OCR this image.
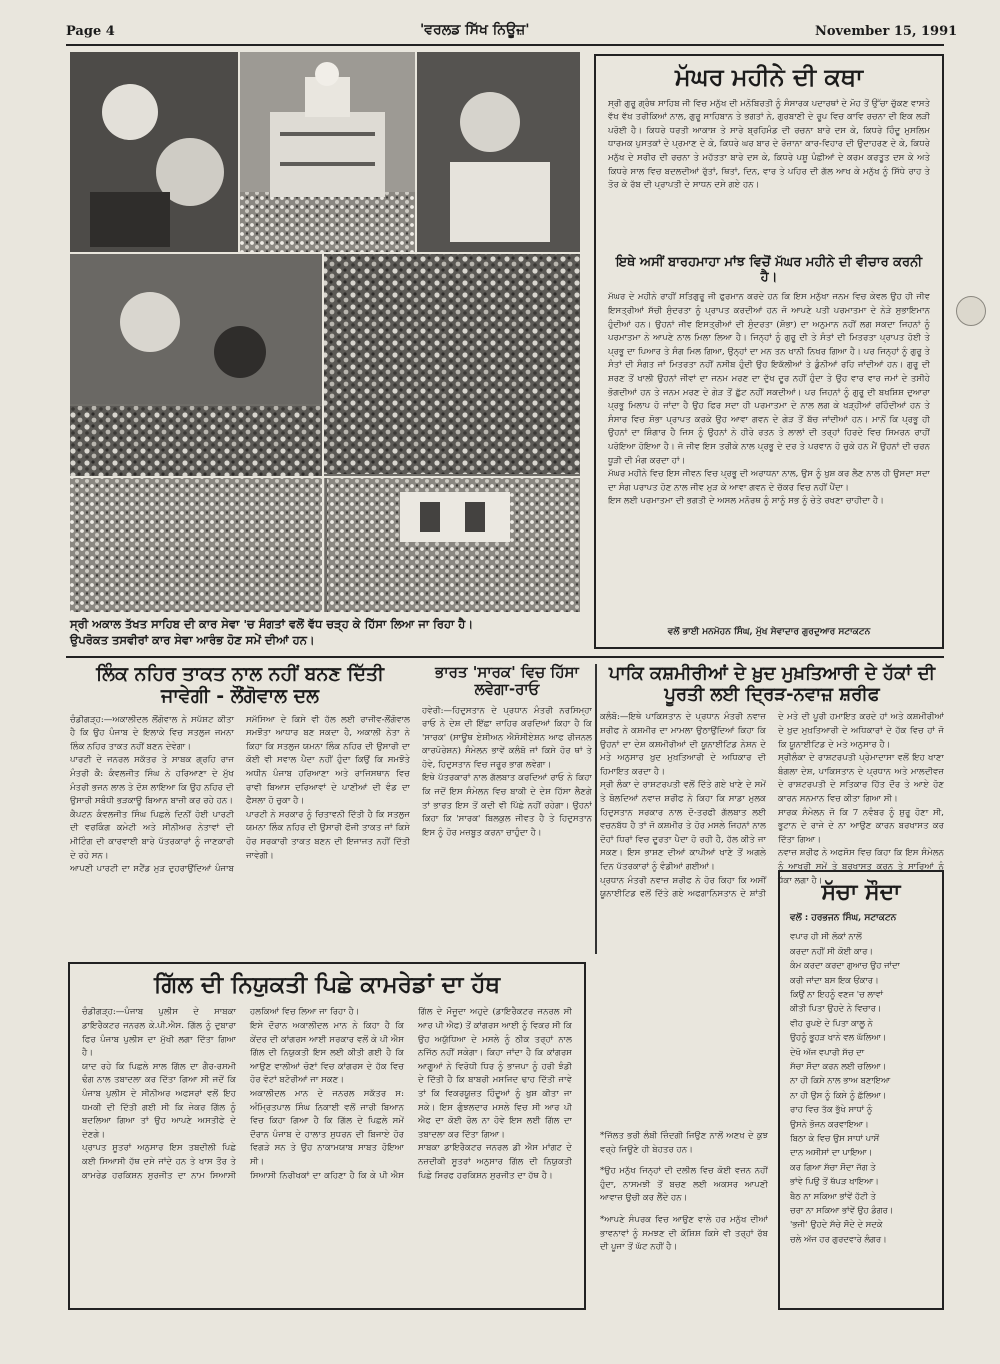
Page 4	'ਵਰਲਡ ਸਿੱਖ ਨਿਊਜ਼'	November 15, 1991
ਸ੍ਰੀ ਅਕਾਲ ਤੱਖਤ ਸਾਹਿਬ ਦੀ ਕਾਰ ਸੇਵਾ 'ਚ ਸੰਗਤਾਂ ਵਲੋਂ ਵੱਧ ਚੜ੍ਹ ਕੇ ਹਿੱਸਾ ਲਿਆ ਜਾ ਰਿਹਾ ਹੈ।
ਉਪਰੋਕਤ ਤਸਵੀਰਾਂ ਕਾਰ ਸੇਵਾ ਆਰੰਭ ਹੋਣ ਸਮੇਂ ਦੀਆਂ ਹਨ।
ਮੱਘਰ ਮਹੀਨੇ ਦੀ ਕਥਾ
ਸ੍ਰੀ ਗੁਰੂ ਗ੍ਰੰਥ ਸਾਹਿਬ ਜੀ ਵਿਚ ਮਨੁੱਖ ਦੀ ਮਨੋਬਿਰਤੀ ਨੂੰ ਸੰਸਾਰਕ ਪਦਾਰਥਾਂ ਦੇ ਮੋਹ ਤੋਂ ਉੱਚਾ ਚੁੱਕਣ ਵਾਸਤੇ ਵੱਖ ਵੱਖ ਤਰੀਕਿਆਂ ਨਾਲ, ਗੁਰੂ ਸਾਹਿਬਾਨ ਤੇ ਭਗਤਾਂ ਨੇ, ਗੁਰਬਾਣੀ ਦੇ ਰੂਪ ਵਿਚ ਕਾਵਿ ਰਚਨਾ ਦੀ ਇਕ ਲੜੀ ਪਰੋਈ ਹੈ। ਕਿਧਰੇ ਧਰਤੀ ਆਕਾਸ਼ ਤੇ ਸਾਰੇ ਬ੍ਰਹਿਮੰਡ ਦੀ ਰਚਨਾ ਬਾਰੇ ਦਸ ਕੇ, ਕਿਧਰੇ ਹਿੰਦੂ ਮੁਸਲਿਮ ਧਾਰਮਕ ਪੁਸਤਕਾਂ ਦੇ ਪ੍ਰਮਾਣ ਦੇ ਕੇ, ਕਿਧਰੇ ਘਰ ਬਾਰ ਦੇ ਰੋਜ਼ਾਨਾ ਕਾਰ-ਵਿਹਾਰ ਦੀ ਉਦਾਹਰਣ ਦੇ ਕੇ, ਕਿਧਰੇ ਮਨੁੱਖ ਦੇ ਸਰੀਰ ਦੀ ਰਚਨਾ ਤੇ ਮਹੱਤਤਾ ਬਾਰੇ ਦਸ ਕੇ, ਕਿਧਰੇ ਪਸ਼ੂ ਪੰਛੀਆਂ ਦੇ ਕਰਮ ਕਰਤੂਤ ਦਸ ਕੇ ਅਤੇ ਕਿਧਰੇ ਸਾਲ ਵਿਚ ਬਦਲਦੀਆਂ ਰੁੱਤਾਂ, ਥਿਤਾਂ, ਦਿਨ, ਵਾਰ ਤੇ ਪਹਿਰ ਦੀ ਗੱਲ ਆਖ ਕੇ ਮਨੁੱਖ ਨੂੰ ਸਿੱਧੇ ਰਾਹ ਤੇ ਤੋਰ ਕੇ ਰੱਬ ਦੀ ਪ੍ਰਾਪਤੀ ਦੇ ਸਾਧਨ ਦਸੇ ਗਏ ਹਨ।
ਇਥੇ ਅਸੀਂ ਬਾਰਹਮਾਹਾ ਮਾਂਝ ਵਿਚੋਂ ਮੱਘਰ ਮਹੀਨੇ ਦੀ ਵੀਚਾਰ ਕਰਨੀ ਹੈ।
ਮੱਘਰ ਦੇ ਮਹੀਨੇ ਰਾਹੀਂ ਸਤਿਗੁਰੂ ਜੀ ਫੁਰਮਾਨ ਕਰਦੇ ਹਨ ਕਿ ਇਸ ਮਨੁੱਖਾ ਜਨਮ ਵਿਚ ਕੇਵਲ ਉਹ ਹੀ ਜੀਵ ਇਸਤ੍ਰੀਆਂ ਸੱਚੀ ਸੁੰਦਰਤਾ ਨੂੰ ਪ੍ਰਾਪਤ ਕਰਦੀਆਂ ਹਨ ਜੋ ਆਪਣੇ ਪਤੀ ਪਰਮਾਤਮਾ ਦੇ ਨੇੜੇ ਸੁਭਾਇਮਾਨ ਹੁੰਦੀਆਂ ਹਨ। ਉਹਨਾਂ ਜੀਵ ਇਸਤ੍ਰੀਆਂ ਦੀ ਸੁੰਦਰਤਾ (ਸ਼ੋਭਾ) ਦਾ ਅਨੁਮਾਨ ਨਹੀਂ ਲਗ ਸਕਦਾ ਜਿਹਨਾਂ ਨੂੰ ਪਰਮਾਤਮਾ ਨੇ ਆਪਣੇ ਨਾਲ ਮਿਲਾ ਲਿਆ ਹੈ। ਜਿਨ੍ਹਾਂ ਨੂੰ ਗੁਰੂ ਦੀ ਤੇ ਸੰਤਾਂ ਦੀ ਮਿਤਰਤਾ ਪ੍ਰਾਪਤ ਹੋਈ ਤੇ ਪ੍ਰਭੂ ਦਾ ਪਿਆਰ ਤੇ ਸੰਗ ਮਿਲ ਗਿਆ, ਉਨ੍ਹਾਂ ਦਾ ਮਨ ਤਨ ਖਾਨੀ ਨਿਖਰ ਗਿਆ ਹੈ। ਪਰ ਜਿਨ੍ਹਾਂ ਨੂੰ ਗੁਰੂ ਤੇ ਸੰਤਾਂ ਦੀ ਸੰਗਤ ਜਾਂ ਮਿਤਰਤਾ ਨਹੀਂ ਨਸੀਬ ਹੁੰਦੀ ਉਹ ਇਕੱਲੀਆਂ ਤੇ ਡੁੰਨੀਆਂ ਰਹਿ ਜਾਂਦੀਆਂ ਹਨ। ਗੁਰੂ ਦੀ ਸ਼ਰਣ ਤੋਂ ਖਾਲੀ ਉਹਨਾਂ ਜੀਵਾਂ ਦਾ ਜਨਮ ਮਰਣ ਦਾ ਦੁੱਖ ਦੂਰ ਨਹੀਂ ਹੁੰਦਾ ਤੇ ਉਹ ਵਾਰ ਵਾਰ ਜਮਾਂ ਦੇ ਤਸੀਹੇ ਭੋਗਦੀਆਂ ਹਨ ਤੇ ਜਨਮ ਮਰਣ ਦੇ ਗੇੜ ਤੋਂ ਛੁੱਟ ਨਹੀਂ ਸਕਦੀਆਂ। ਪਰ ਜਿਹਨਾਂ ਨੂੰ ਗੁਰੂ ਦੀ ਬਖਸ਼ਿਸ਼ ਦੁਆਰਾ ਪ੍ਰਭੂ ਮਿਲਾਪ ਹੋ ਜਾਂਦਾ ਹੈ ਉਹ ਫਿਰ ਸਦਾ ਹੀ ਪਰਮਾਤਮਾ ਦੇ ਨਾਲ ਲਗ ਕੇ ਖੜ੍ਹੀਆਂ ਰਹਿੰਦੀਆਂ ਹਨ ਤੇ ਸੰਸਾਰ ਵਿਚ ਸ਼ੋਭਾ ਪ੍ਰਾਪਤ ਕਰਕੇ ਉਹ ਆਵਾ ਗਵਨ ਦੇ ਗੇੜ ਤੋਂ ਬੱਚ ਜਾਂਦੀਆਂ ਹਨ। ਮਾਨੋਂ ਕਿ ਪ੍ਰਭੂ ਹੀ ਉਹਨਾਂ ਦਾ ਸ਼ਿੰਗਾਰ ਹੈ ਜਿਸ ਨੂੰ ਉਹਨਾਂ ਨੇ ਹੀਰੇ ਰਤਨ ਤੇ ਲਾਲਾਂ ਦੀ ਤਰ੍ਹਾਂ ਹਿਰਦੇ ਵਿਚ ਸਿਮਰਨ ਰਾਹੀਂ ਪਰੋਇਆ ਹੋਇਆ ਹੈ। ਜੋ ਜੀਵ ਇਸ ਤਰੀਕੇ ਨਾਲ ਪ੍ਰਭੂ ਦੇ ਦਰ ਤੇ ਪਰਵਾਨ ਹੋ ਚੁਕੇ ਹਨ ਮੈਂ ਉਹਨਾਂ ਦੀ ਚਰਨ ਧੂੜੀ ਦੀ ਮੰਗ ਕਰਦਾ ਹਾਂ।
ਮੱਘਰ ਮਹੀਨੇ ਵਿਚ ਇਸ ਜੀਵਨ ਵਿਚ ਪ੍ਰਭੂ ਦੀ ਅਰਾਧਨਾ ਨਾਲ, ਉਸ ਨੂੰ ਖੁਸ਼ ਕਰ ਲੈਣ ਨਾਲ ਹੀ ਉਸਦਾ ਸਦਾ ਦਾ ਸੰਗ ਪਰਾਪਤ ਹੋਣ ਨਾਲ ਜੀਵ ਮੁੜ ਕੇ ਆਵਾ ਗਵਨ ਦੇ ਚੱਕਰ ਵਿਚ ਨਹੀਂ ਪੈਂਦਾ।
ਇਸ ਲਈ ਪਰਮਾਤਮਾ ਦੀ ਭਗਤੀ ਦੇ ਅਸਲ ਮਨੋਰਥ ਨੂੰ ਸਾਨੂੰ ਸਭ ਨੂੰ ਚੇਤੇ ਰਖਣਾ ਚਾਹੀਦਾ ਹੈ।
ਵਲੋਂ ਭਾਈ ਮਨਮੋਹਨ ਸਿੰਘ, ਮੁੱਖ ਸੇਵਾਦਾਰ ਗੁਰਦੁਆਰ ਸਟਾਕਟਨ
ਲਿੰਕ ਨਹਿਰ ਤਾਕਤ ਨਾਲ ਨਹੀਂ ਬਨਣ ਦਿੱਤੀ ਜਾਵੇਗੀ - ਲੌਂਗੋਵਾਲ ਦਲ
ਚੰਡੀਗੜ੍ਹ:—ਅਕਾਲੀਦਲ ਲੌਂਗੋਵਾਲ ਨੇ ਸਪੱਸ਼ਟ ਕੀਤਾ ਹੈ ਕਿ ਉਹ ਪੰਜਾਬ ਦੇ ਇਲਾਕੇ ਵਿਚ ਸਤਲੁਜ ਜਮਨਾ ਲਿੰਕ ਨਹਿਰ ਤਾਕਤ ਨਹੀਂ ਬਣਨ ਦੇਵੇਗਾ।
ਪਾਰਟੀ ਦੇ ਜਨਰਲ ਸਕੱਤਰ ਤੇ ਸਾਬਕ ਗ੍ਰਹਿ ਰਾਜ ਮੰਤਰੀ ਕੈ: ਕੰਵਲਜੀਤ ਸਿੰਘ ਨੇ ਹਰਿਆਣਾ ਦੇ ਮੁੱਖ ਮੰਤਰੀ ਭਜਨ ਲਾਲ ਤੇ ਦੋਸ਼ ਲਾਇਆ ਕਿ ਉਹ ਨਹਿਰ ਦੀ ਉਸਾਰੀ ਸਬੰਧੀ ਭੜਕਾਊ ਬਿਆਨ ਬਾਜ਼ੀ ਕਰ ਰਹੇ ਹਨ।
ਕੈਪਟਨ ਕੰਵਲਜੀਤ ਸਿੰਘ ਪਿਛਲੇ ਦਿਨੀਂ ਹੋਈ ਪਾਰਟੀ ਦੀ ਵਰਕਿੰਗ ਕਮੇਟੀ ਅਤੇ ਸੀਨੀਅਰ ਨੇਤਾਵਾਂ ਦੀ ਮੀਟਿੰਗ ਦੀ ਕਾਰਵਾਈ ਬਾਰੇ ਪੱਤਰਕਾਰਾਂ ਨੂੰ ਜਾਣਕਾਰੀ ਦੇ ਰਹੇ ਸਨ।
ਆਪਣੀ ਪਾਰਟੀ ਦਾ ਸਟੈਂਡ ਮੁੜ ਦੁਹਰਾਉਂਦਿਆਂ ਪੰਜਾਬ ਸਮੱਸਿਆ ਦੇ ਕਿਸੇ ਵੀ ਹੱਲ ਲਈ ਰਾਜੀਵ-ਲੌਂਗੋਵਾਲ ਸਮਝੌਤਾ ਆਧਾਰ ਬਣ ਸਕਦਾ ਹੈ, ਅਕਾਲੀ ਨੇਤਾ ਨੇ ਕਿਹਾ ਕਿ ਸਤਲੁਜ ਯਮਨਾ ਲਿੰਕ ਨਹਿਰ ਦੀ ਉਸਾਰੀ ਦਾ ਕੋਈ ਵੀ ਸਵਾਲ ਪੈਦਾ ਨਹੀਂ ਹੁੰਦਾ ਕਿਉਂ ਕਿ ਸਮਝੌਤੇ ਅਧੀਨ ਪੰਜਾਬ ਹਰਿਆਣਾ ਅਤੇ ਰਾਜਿਸਥਾਨ ਵਿਚ ਰਾਵੀ ਬਿਆਸ ਦਰਿਆਵਾਂ ਦੇ ਪਾਣੀਆਂ ਦੀ ਵੰਡ ਦਾ ਫੈਸਲਾ ਹੋ ਚੁਕਾ ਹੈ।
ਪਾਰਟੀ ਨੇ ਸਰਕਾਰ ਨੂੰ ਚਿਤਾਵਨੀ ਦਿੱਤੀ ਹੈ ਕਿ ਸਤਲੁਜ ਯਮਨਾ ਲਿੰਕ ਨਹਿਰ ਦੀ ਉਸਾਰੀ ਫੌਜੀ ਤਾਕਤ ਜਾਂ ਕਿਸੇ ਹੋਰ ਸਰਕਾਰੀ ਤਾਕਤ ਬਣਨ ਦੀ ਇਜਾਜਤ ਨਹੀਂ ਦਿੱਤੀ ਜਾਵੇਗੀ।
ਭਾਰਤ 'ਸਾਰਕ' ਵਿਚ ਹਿੱਸਾ ਲਵੇਗਾ-ਰਾਓ
ਹਵੇਰੀ:—ਹਿਦੁਸਤਾਨ ਦੇ ਪ੍ਰਧਾਨ ਮੰਤਰੀ ਨਰਸਿਮ੍ਹਾ ਰਾਓ ਨੇ ਦੇਸ਼ ਦੀ ਇੱਛਾ ਜ਼ਾਹਿਰ ਕਰਦਿਆਂ ਕਿਹਾ ਹੈ ਕਿ 'ਸਾਰਕ' (ਸਾਊਥ ਏਸ਼ੀਅਨ ਐਸੋਸੀਏਸ਼ਨ ਆਫ ਰੀਜਨਲ ਕਾਰਪੋਰੇਸ਼ਨ) ਸੰਮੇਲਨ ਭਾਵੇਂ ਕਲੰਬੋ ਜਾਂ ਕਿਸੇ ਹੋਰ ਥਾਂ ਤੇ ਹੋਵੇ, ਹਿਦੁਸਤਾਨ ਵਿਚ ਜਰੂਰ ਭਾਗ ਲਵੇਗਾ।
ਇਥੇ ਪੱਤਰਕਾਰਾਂ ਨਾਲ ਗੱਲਬਾਤ ਕਰਦਿਆਂ ਰਾਓ ਨੇ ਕਿਹਾ ਕਿ ਜਦੋਂ ਇਸ ਸੰਮੇਲਨ ਵਿਚ ਬਾਕੀ ਦੇ ਦੇਸ਼ ਹਿੱਸਾ ਲੈਣਗੇ ਤਾਂ ਭਾਰਤ ਇਸ ਤੋਂ ਕਦੀ ਵੀ ਪਿੱਛੇ ਨਹੀਂ ਰਹੇਗਾ। ਉਹਨਾਂ ਕਿਹਾ ਕਿ 'ਸਾਰਕ' ਬਿਲਕੁਲ ਜੀਵਤ ਹੈ ਤੇ ਹਿਦੁਸਤਾਨ ਇਸ ਨੂੰ ਹੋਰ ਮਜ਼ਬੂਤ ਕਰਨਾ ਚਾਹੁੰਦਾ ਹੈ।
ਪਾਕਿ ਕਸ਼ਮੀਰੀਆਂ ਦੇ ਖ਼ੁਦ ਮੁਖ਼ਤਿਆਰੀ ਦੇ ਹੱਕਾਂ ਦੀ ਪੂਰਤੀ ਲਈ ਦ੍ਰਿੜ-ਨਵਾਜ਼ ਸ਼ਰੀਫ
ਕਲੰਬੋ:—ਇਥੇ ਪਾਕਿਸਤਾਨ ਦੇ ਪ੍ਰਧਾਨ ਮੰਤਰੀ ਨਵਾਜ਼ ਸ਼ਰੀਫ ਨੇ ਕਸ਼ਮੀਰ ਦਾ ਮਾਮਲਾ ਉਠਾਉਂਦਿਆਂ ਕਿਹਾ ਕਿ ਉਹਨਾਂ ਦਾ ਦੇਸ਼ ਕਸ਼ਮੀਰੀਆਂ ਦੀ ਯੂਨਾਈਟਿਡ ਨੇਸ਼ਨ ਦੇ ਮਤੇ ਅਨੁਸਾਰ ਖ਼ੁਦ ਮੁਖ਼ਤਿਆਰੀ ਦੇ ਅਧਿਕਾਰ ਦੀ ਹਿਮਾਇਤ ਕਰਦਾ ਹੈ।
ਸ੍ਰੀ ਲੰਕਾ ਦੇ ਰਾਸ਼ਟਰਪਤੀ ਵਲੋਂ ਦਿੱਤੇ ਗਏ ਖਾਣੇ ਦੇ ਸਮੇਂ ਤੇ ਬੋਲਦਿਆਂ ਨਵਾਜ਼ ਸ਼ਰੀਫ ਨੇ ਕਿਹਾ ਕਿ ਸਾਡਾ ਮੁਲਕ ਹਿਦੁਸਤਾਨ ਸਰਕਾਰ ਨਾਲ ਦੋ-ਤਰਫੀ ਗੱਲਬਾਤ ਲਈ ਵਚਨਬੱਧ ਹੈ ਤਾਂ ਜੋ ਕਸ਼ਮੀਰ ਤੇ ਹੋਰ ਮਸਲੇ ਜਿਹਨਾਂ ਨਾਲ ਦੋਹਾਂ ਧਿਰਾਂ ਵਿਚ ਦੂਰਤਾ ਪੈਦਾ ਹੋ ਰਹੀ ਹੈ, ਹੱਲ ਕੀਤੇ ਜਾ ਸਕਣ। ਇਸ ਭਾਸ਼ਣ ਦੀਆਂ ਕਾਪੀਆਂ ਖਾਣੇ ਤੋਂ ਅਗਲੇ ਦਿਨ ਪੱਤਰਕਾਰਾਂ ਨੂੰ ਵੰਡੀਆਂ ਗਈਆਂ।
ਪ੍ਰਧਾਨ ਮੰਤਰੀ ਨਵਾਜ਼ ਸ਼ਰੀਫ ਨੇ ਹੋਰ ਕਿਹਾ ਕਿ ਅਸੀਂ ਯੂਨਾਈਟਿਡ ਵਲੋਂ ਦਿੱਤੇ ਗਏ ਅਫਗਾਨਿਸਤਾਨ ਦੇ ਸ਼ਾਂਤੀ ਦੇ ਮਤੇ ਦੀ ਪੂਰੀ ਹਮਾਇਤ ਕਰਦੇ ਹਾਂ ਅਤੇ ਕਸ਼ਮੀਰੀਆਂ ਦੇ ਖ਼ੁਦ ਮੁਖ਼ਤਿਆਰੀ ਦੇ ਅਧਿਕਾਰਾਂ ਦੇ ਹੱਕ ਵਿਚ ਹਾਂ ਜੋ ਕਿ ਯੂਨਾਈਟਿਡ ਦੇ ਮਤੇ ਅਨੁਸਾਰ ਹੈ।
ਸ੍ਰੀਲੰਕਾ ਦੇ ਰਾਸ਼ਟਰਪਤੀ ਪ੍ਰੇਮਾਦਾਸਾ ਵਲੋਂ ਇਹ ਖਾਣਾ ਬੰਗਲਾ ਦੇਸ਼, ਪਾਕਿਸਤਾਨ ਦੇ ਪ੍ਰਧਾਨ ਅਤੇ ਮਾਲਦੀਵਜ਼ ਦੇ ਰਾਸ਼ਟਰਪਤੀ ਦੇ ਸਤਿਕਾਰ ਹਿੱਤ ਦੌਰ ਤੇ ਆਏ ਹੋਣ ਕਾਰਨ ਸਨਮਾਨ ਵਿਚ ਕੀਤਾ ਗਿਆ ਸੀ।
ਸਾਰਕ ਸੰਮੇਲਨ ਜੋ ਕਿ 7 ਨਵੰਬਰ ਨੂੰ ਸ਼ੁਰੂ ਹੋਣਾ ਸੀ, ਭੂਟਾਨ ਦੇ ਰਾਜੇ ਦੇ ਨਾ ਆਉਣ ਕਾਰਨ ਬਰਖਾਸਤ ਕਰ ਦਿੱਤਾ ਗਿਆ।
ਨਵਾਜ਼ ਸ਼ਰੀਫ ਨੇ ਅਫਸੋਸ ਵਿਚ ਕਿਹਾ ਕਿ ਇਸ ਸੰਮੇਲਨ ਨੂੰ ਆਖਰੀ ਸਮੇਂ ਤੇ ਬਰਖਾਸਤ ਕਰਨ ਤੇ ਸਾਰਿਆਂ ਨੂੰ ਧੱਕਾ ਲਗਾ ਹੈ।
ਗਿੱਲ ਦੀ ਨਿਯੁਕਤੀ ਪਿਛੇ ਕਾਮਰੇਡਾਂ ਦਾ ਹੱਥ
ਚੰਡੀਗੜ੍ਹ:—ਪੰਜਾਬ ਪੁਲੀਸ ਦੇ ਸਾਬਕਾ ਡਾਇਰੈਕਟਰ ਜਨਰਲ ਕੇ.ਪੀ.ਐਸ. ਗਿੱਲ ਨੂੰ ਦੁਬਾਰਾ ਫਿਰ ਪੰਜਾਬ ਪੁਲੀਸ ਦਾ ਮੁੱਖੀ ਲਗਾ ਦਿੱਤਾ ਗਿਆ ਹੈ।
ਯਾਦ ਰਹੇ ਕਿ ਪਿਛਲੇ ਸਾਲ ਗਿੱਲ ਦਾ ਗੈਰ-ਰਸਮੀ ਢੰਗ ਨਾਲ ਤਬਾਦਲਾ ਕਰ ਦਿੱਤਾ ਗਿਆ ਸੀ ਜਦੋਂ ਕਿ ਪੰਜਾਬ ਪੁਲੀਸ ਦੇ ਸੀਨੀਅਰ ਅਫਸਰਾਂ ਵਲੋਂ ਇਹ ਧਮਕੀ ਦੀ ਦਿੱਤੀ ਗਈ ਸੀ ਕਿ ਜੇਕਰ ਗਿੱਲ ਨੂੰ ਬਦਲਿਆ ਗਿਆ ਤਾਂ ਉਹ ਆਪਣੇ ਅਸਤੀਫੇ ਦੇ ਦੇਣਗੇ।
ਪ੍ਰਾਪਤ ਸੂਤਰਾਂ ਅਨੁਸਾਰ ਇਸ ਤਬਦੀਲੀ ਪਿਛੇ ਕਈ ਸਿਆਸੀ ਹੱਥ ਦਸੇ ਜਾਂਦੇ ਹਨ ਤੇ ਖਾਸ ਤੌਰ ਤੇ ਕਾਮਰੇਡ ਹਰਕਿਸ਼ਨ ਸੁਰਜੀਤ ਦਾ ਨਾਮ ਸਿਆਸੀ ਹਲਕਿਆਂ ਵਿਚ ਲਿਆ ਜਾ ਰਿਹਾ ਹੈ।
ਇਸੇ ਦੌਰਾਨ ਅਕਾਲੀਦਲ ਮਾਨ ਨੇ ਕਿਹਾ ਹੈ ਕਿ ਕੇਂਦਰ ਦੀ ਕਾਂਗਰਸ ਆਈ ਸਰਕਾਰ ਵਲੋਂ ਕੇ ਪੀ ਐਸ ਗਿੱਲ ਦੀ ਨਿਯੁਕਤੀ ਇਸ ਲਈ ਕੀਤੀ ਗਈ ਹੈ ਕਿ ਆਉਣ ਵਾਲੀਆਂ ਚੋਣਾਂ ਵਿਚ ਕਾਂਗਰਸ ਦੇ ਹੱਕ ਵਿਚ ਹੋਰ ਵੋਟਾਂ ਬਟੋਰੀਆਂ ਜਾ ਸਕਣ।
ਅਕਾਲੀਦਲ ਮਾਨ ਦੇ ਜਨਰਲ ਸਕੱਤਰ ਸ: ਅੰਮ੍ਰਿਤਪਾਲ ਸਿੰਘ ਨਿਕਾਈ ਵਲੋਂ ਜਾਰੀ ਬਿਆਨ ਵਿਚ ਕਿਹਾ ਗਿਆ ਹੈ ਕਿ ਗਿੱਲ ਦੇ ਪਿਛਲੇ ਸਮੇਂ ਦੌਰਾਨ ਪੰਜਾਬ ਦੇ ਹਾਲਾਤ ਸੁਧਰਨ ਦੀ ਬਿਜਾਏ ਹੋਰ ਵਿਗੜੇ ਸਨ ਤੇ ਉਹ ਨਾਕਾਮਯਾਬ ਸਾਬਤ ਹੋਇਆ ਸੀ।
ਸਿਆਸੀ ਨਿਰੀਖਕਾਂ ਦਾ ਕਹਿਣਾ ਹੈ ਕਿ ਕੇ ਪੀ ਐਸ ਗਿੱਲ ਦੇ ਮੌਜੂਦਾ ਅਹੁਦੇ (ਡਾਇਰੈਕਟਰ ਜਨਰਲ ਸੀ ਆਰ ਪੀ ਐਫ) ਤੋਂ ਕਾਂਗਰਸ ਆਈ ਨੂੰ ਵਿਕਰ ਸੀ ਕਿ ਉਹ ਅਯੁੱਧਿਆ ਦੇ ਮਸਲੇ ਨੂੰ ਠੀਕ ਤਰ੍ਹਾਂ ਨਾਲ ਨਜਿੱਠ ਨਹੀਂ ਸਕੇਗਾ। ਕਿਹਾ ਜਾਂਦਾ ਹੈ ਕਿ ਕਾਂਗਰਸ ਆਗੂਆਂ ਨੇ ਵਿਰੋਧੀ ਧਿਰ ਨੂੰ ਭਾਜਪਾ ਨੂੰ ਹਰੀ ਝੰਡੀ ਦੇ ਦਿੱਤੀ ਹੈ ਕਿ ਬਾਬਰੀ ਮਸਜਿਦ ਢਾਹ ਦਿੱਤੀ ਜਾਵੇ ਤਾਂ ਕਿ ਵਿਕਰਯੂਜ਼ਤ ਹਿੰਦੂਆਂ ਨੂੰ ਖੁਸ਼ ਕੀਤਾ ਜਾ ਸਕੇ। ਇਸ ਗੁੰਝਲਦਾਰ ਮਸਲੇ ਵਿਚ ਸੀ ਆਰ ਪੀ ਐਫ ਦਾ ਕੋਈ ਰੋਲ ਨਾ ਹੋਵੇ ਇਸ ਲਈ ਗਿੱਲ ਦਾ ਤਬਾਦਲਾ ਕਰ ਦਿੱਤਾ ਗਿਆ।
ਸਾਬਕਾ ਡਾਇਰੈਕਟਰ ਜਨਰਲ ਡੀ ਐਸ ਮਾਂਗਟ ਦੇ ਨਜ਼ਦੀਕੀ ਸੂਤਰਾਂ ਅਨੁਸਾਰ ਗਿੱਲ ਦੀ ਨਿਯੁਕਤੀ ਪਿਛੇ ਸਿਰਫ ਹਰਕਿਸ਼ਨ ਸੁਰਜੀਤ ਦਾ ਹੱਥ ਹੈ।
*ਜਿੱਲਤ ਭਰੀ ਲੰਬੀ ਜ਼ਿੰਦਗੀ ਜਿਉਣ ਨਾਲੋਂ ਅਣਖ ਦੇ ਕੁਝ ਵਰ੍ਹੇ ਜਿਊਣੇ ਹੀ ਬੇਹਤਰ ਹਨ।
*ਉਹ ਮਨੁੱਖ ਜਿਨ੍ਹਾਂ ਦੀ ਦਲੀਲ ਵਿਚ ਕੋਈ ਵਜ਼ਨ ਨਹੀਂ ਹੁੰਦਾ, ਨਾਸਮਝੀ ਤੋਂ ਬਚਣ ਲਈ ਅਕਸਰ ਆਪਣੀ ਆਵਾਜ਼ ਉਚੀ ਕਰ ਲੈਂਦੇ ਹਨ।
*ਆਪਣੇ ਸੰਪਰਕ ਵਿਚ ਆਉਣ ਵਾਲੇ ਹਰ ਮਨੁੱਖ ਦੀਆਂ ਭਾਵਨਾਵਾਂ ਨੂੰ ਸਮਝਣ ਦੀ ਕੋਸ਼ਿਸ਼ ਕਿਸੇ ਵੀ ਤਰ੍ਹਾਂ ਰੱਬ ਦੀ ਪੂਜਾ ਤੋਂ ਘੱਟ ਨਹੀਂ ਹੈ।
ਸੱਚਾ ਸੌਦਾ
ਵਲੋਂ : ਹਰਭਜਨ ਸਿੰਘ, ਸਟਾਕਟਨ
ਵਪਾਰ ਹੀ ਸੀ ਲੋਕਾਂ ਨਾਲੋਂ
ਕਰਦਾ ਨਹੀਂ ਸੀ ਕੋਈ ਕਾਰ।
ਕੰਮ ਕਰਦਾ ਕਰਦਾ ਗੁਆਚ ਉਹ ਜਾਂਦਾ
ਕਰੀ ਜਾਂਦਾ ਬਸ ਇਕ ਓਂਕਾਰ।
ਕਿਉਂ ਨਾ ਇਹਨੂੰ ਵਣਜ 'ਚ ਲਾਵਾਂ
ਕੀਤੀ ਪਿਤਾ ਉਹਦੇ ਨੇ ਵਿਚਾਰ।
ਵੀਹ ਰੁਪਏ ਦੇ ਪਿਤਾ ਕਾਲੂ ਨੇ
ਉਹਨੂੰ ਭੂਹੜ ਖਾਨੇ ਵਲ ਘੱਲਿਆ।
ਦੇਖੋ ਅੱਜ ਵਪਾਰੀ ਸੱਚ ਦਾ
ਸੱਚਾ ਸੌਦਾ ਕਰਨ ਲਈ ਚਲਿਆ।
ਨਾ ਹੀ ਕਿਸੇ ਨਾਲ ਭਾਅ ਬਣਾਇਆ
ਨਾ ਹੀ ਉਸ ਨੂੰ ਕਿਸੇ ਨੂੰ ਛੱਲਿਆ।
ਰਾਹ ਵਿਚ ਤੱਕ ਭੁੱਖੇ ਸਾਧਾਂ ਨੂੰ
ਉਸਨੇ ਭੋਜਨ ਕਰਵਾਇਆ।
ਬਿਠਾ ਕੇ ਵਿਚ ਉਸ ਸਾਧਾਂ ਪਾਸੋਂ
ਦਾਨ ਅਸੀਸਾਂ ਦਾ ਪਾਇਆ।
ਕਰ ਗਿਆ ਸੱਚਾ ਸੌਦਾ ਜੱਗ ਤੇ
ਭਾਂਵੇ ਪਿਉ ਤੋਂ ਥੱਪੜ ਖਾਇਆ।
ਬੈਠ ਨਾ ਸਕਿਆ ਭਾਂਵੇਂ ਹੱਟੀ ਤੇ
ਚਰਾ ਨਾ ਸਕਿਆ ਭਾਂਵੇਂ ਉਹ ਡੰਗਰ।
'ਭਜੀ' ਉਹਦੇ ਸੱਚੇ ਸੌਦੇ ਦੇ ਸਦਕੇ
ਚਲੇ ਅੱਜ ਹਰ ਗੁਰਦਵਾਰੇ ਲੰਗਰ।
